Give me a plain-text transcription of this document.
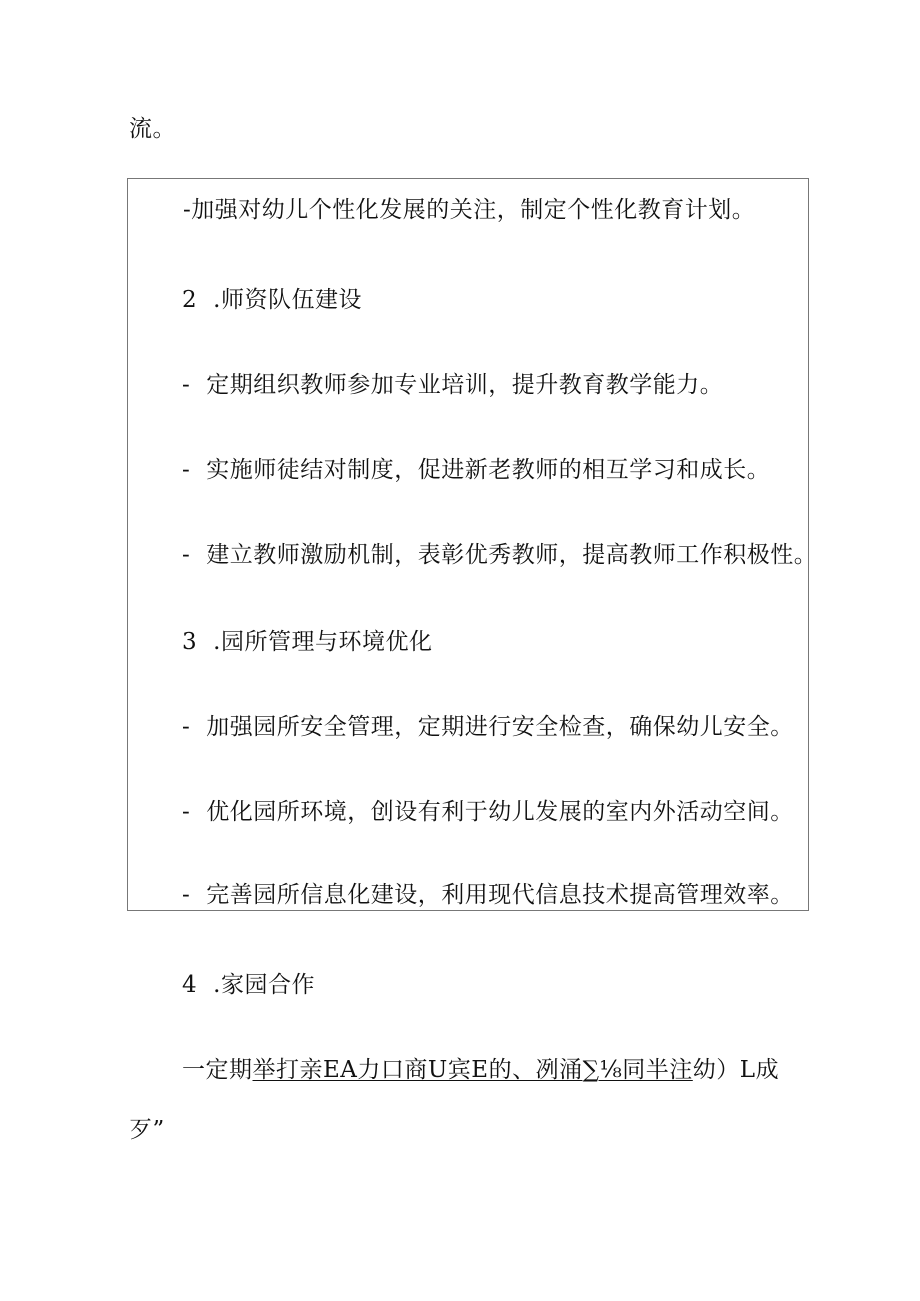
流。
-加强对幼儿个性化发展的关注，制定个性化教育计划。
2 .师资队伍建设
- 定期组织教师参加专业培训，提升教育教学能力。
- 实施师徒结对制度，促进新老教师的相互学习和成长。
- 建立教师激励机制，表彰优秀教师，提高教师工作积极性。
3 .园所管理与环境优化
- 加强园所安全管理，定期进行安全检查，确保幼儿安全。
- 优化园所环境，创设有利于幼儿发展的室内外活动空间。
- 完善园所信息化建设，利用现代信息技术提高管理效率。
4 .家园合作
一定期举打亲EA力口商U宾E的、冽涌∑⅛同半注幼）L成
歹”
